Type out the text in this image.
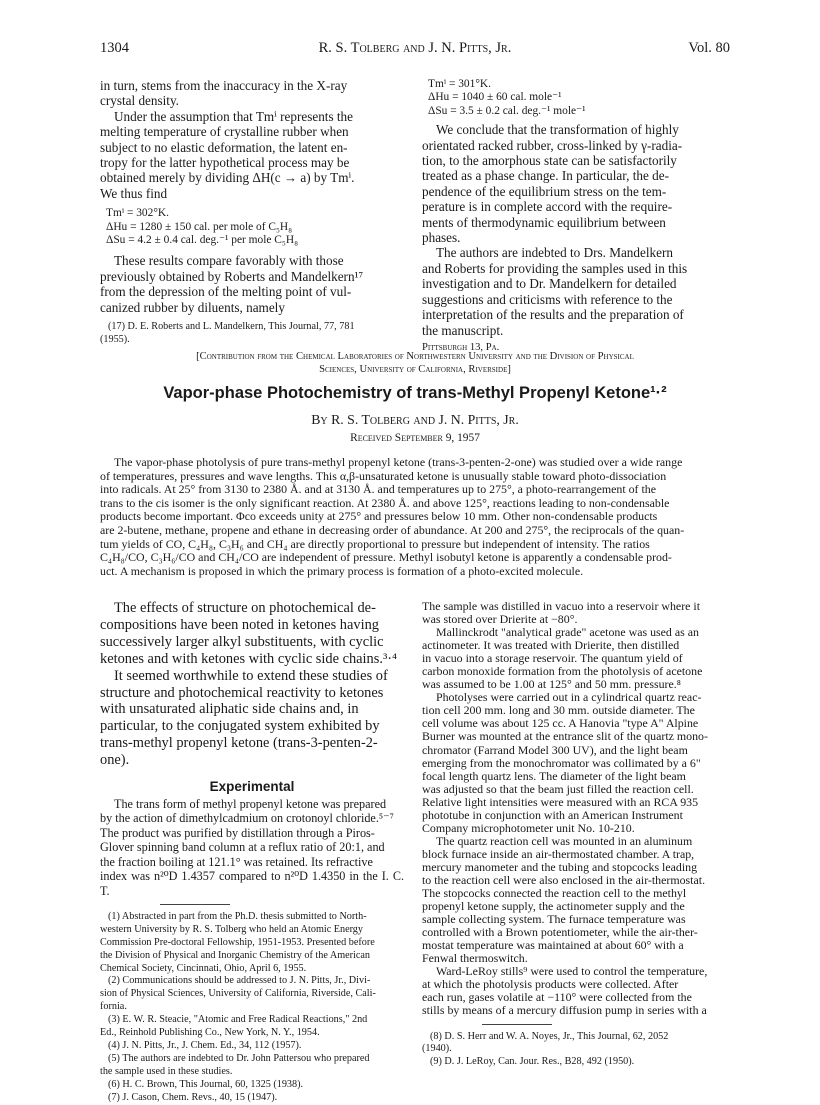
1304	R. S. Tolberg and J. N. Pitts, Jr.	Vol. 80

in turn, stems from the inaccuracy in the X-ray

crystal density.

Under the assumption that Tmⁱ represents the

melting temperature of crystalline rubber when

subject to no elastic deformation, the latent en-

tropy for the latter hypothetical process may be

obtained merely by dividing ΔH(c → a) by Tmⁱ.

We thus find

Tmⁱ = 302°K.
ΔHu = 1280 ± 150 cal. per mole of C₅H₈
ΔSu = 4.2 ± 0.4 cal. deg.⁻¹ per mole C₅H₈

These results compare favorably with those

previously obtained by Roberts and Mandelkern¹⁷

from the depression of the melting point of vul-

canized rubber by diluents, namely

(17) D. E. Roberts and L. Mandelkern, This Journal, 77, 781

(1955).

Tmⁱ = 301°K.
ΔHu = 1040 ± 60 cal. mole⁻¹
ΔSu = 3.5 ± 0.2 cal. deg.⁻¹ mole⁻¹

We conclude that the transformation of highly

orientated racked rubber, cross-linked by γ-radia-

tion, to the amorphous state can be satisfactorily

treated as a phase change. In particular, the de-

pendence of the equilibrium stress on the tem-

perature is in complete accord with the require-

ments of thermodynamic equilibrium between

phases.

The authors are indebted to Drs. Mandelkern

and Roberts for providing the samples used in this

investigation and to Dr. Mandelkern for detailed

suggestions and criticisms with reference to the

interpretation of the results and the preparation of

the manuscript.

Pittsburgh 13, Pa.

[Contribution from the Chemical Laboratories of Northwestern University and the Division of Physical
Sciences, University of California, Riverside]
Vapor-phase Photochemistry of trans-Methyl Propenyl Ketone¹·²
By R. S. Tolberg and J. N. Pitts, Jr.
Received September 9, 1957

The vapor-phase photolysis of pure trans-methyl propenyl ketone (trans-3-penten-2-one) was studied over a wide range

of temperatures, pressures and wave lengths. This α,β-unsaturated ketone is unusually stable toward photo-dissociation

into radicals. At 25° from 3130 to 2380 Å. and at 3130 Å. and temperatures up to 275°, a photo-rearrangement of the

trans to the cis isomer is the only significant reaction. At 2380 Å. and above 125°, reactions leading to non-condensable

products become important. Φco exceeds unity at 275° and pressures below 10 mm. Other non-condensable products

are 2-butene, methane, propene and ethane in decreasing order of abundance. At 200 and 275°, the reciprocals of the quan-

tum yields of CO, C₄H₈, C₃H₆ and CH₄ are directly proportional to pressure but independent of intensity. The ratios

C₄H₈/CO, C₃H₆/CO and CH₄/CO are independent of pressure. Methyl isobutyl ketone is apparently a condensable prod-

uct. A mechanism is proposed in which the primary process is formation of a photo-excited molecule.

The effects of structure on photochemical de-

compositions have been noted in ketones having

successively larger alkyl substituents, with cyclic

ketones and with ketones with cyclic side chains.³·⁴

It seemed worthwhile to extend these studies of

structure and photochemical reactivity to ketones

with unsaturated aliphatic side chains and, in

particular, to the conjugated system exhibited by

trans-methyl propenyl ketone (trans-3-penten-2-

one).

Experimental

The trans form of methyl propenyl ketone was prepared

by the action of dimethylcadmium on crotonoyl chloride.⁵⁻⁷

The product was purified by distillation through a Piros-

Glover spinning band column at a reflux ratio of 20:1, and

the fraction boiling at 121.1° was retained. Its refractive

index was n²⁰D 1.4357 compared to n²⁰D 1.4350 in the I. C. T.

(1) Abstracted in part from the Ph.D. thesis submitted to North-

western University by R. S. Tolberg who held an Atomic Energy

Commission Pre-doctoral Fellowship, 1951-1953. Presented before

the Division of Physical and Inorganic Chemistry of the American

Chemical Society, Cincinnati, Ohio, April 6, 1955.

(2) Communications should be addressed to J. N. Pitts, Jr., Divi-

sion of Physical Sciences, University of California, Riverside, Cali-

fornia.

(3) E. W. R. Steacie, "Atomic and Free Radical Reactions," 2nd

Ed., Reinhold Publishing Co., New York, N. Y., 1954.

(4) J. N. Pitts, Jr., J. Chem. Ed., 34, 112 (1957).

(5) The authors are indebted to Dr. John Pattersou who prepared

the sample used in these studies.

(6) H. C. Brown, This Journal, 60, 1325 (1938).

(7) J. Cason, Chem. Revs., 40, 15 (1947).

The sample was distilled in vacuo into a reservoir where it

was stored over Drierite at −80°.

Mallinckrodt "analytical grade" acetone was used as an

actinometer. It was treated with Drierite, then distilled

in vacuo into a storage reservoir. The quantum yield of

carbon monoxide formation from the photolysis of acetone

was assumed to be 1.00 at 125° and 50 mm. pressure.⁸

Photolyses were carried out in a cylindrical quartz reac-

tion cell 200 mm. long and 30 mm. outside diameter. The

cell volume was about 125 cc. A Hanovia "type A" Alpine

Burner was mounted at the entrance slit of the quartz mono-

chromator (Farrand Model 300 UV), and the light beam

emerging from the monochromator was collimated by a 6"

focal length quartz lens. The diameter of the light beam

was adjusted so that the beam just filled the reaction cell.

Relative light intensities were measured with an RCA 935

phototube in conjunction with an American Instrument

Company microphotometer unit No. 10-210.

The quartz reaction cell was mounted in an aluminum

block furnace inside an air-thermostated chamber. A trap,

mercury manometer and the tubing and stopcocks leading

to the reaction cell were also enclosed in the air-thermostat.

The stopcocks connected the reaction cell to the methyl

propenyl ketone supply, the actinometer supply and the

sample collecting system. The furnace temperature was

controlled with a Brown potentiometer, while the air-ther-

mostat temperature was maintained at about 60° with a

Fenwal thermoswitch.

Ward-LeRoy stills⁹ were used to control the temperature,

at which the photolysis products were collected. After

each run, gases volatile at −110° were collected from the

stills by means of a mercury diffusion pump in series with a

(8) D. S. Herr and W. A. Noyes, Jr., This Journal, 62, 2052

(1940).

(9) D. J. LeRoy, Can. Jour. Res., B28, 492 (1950).
